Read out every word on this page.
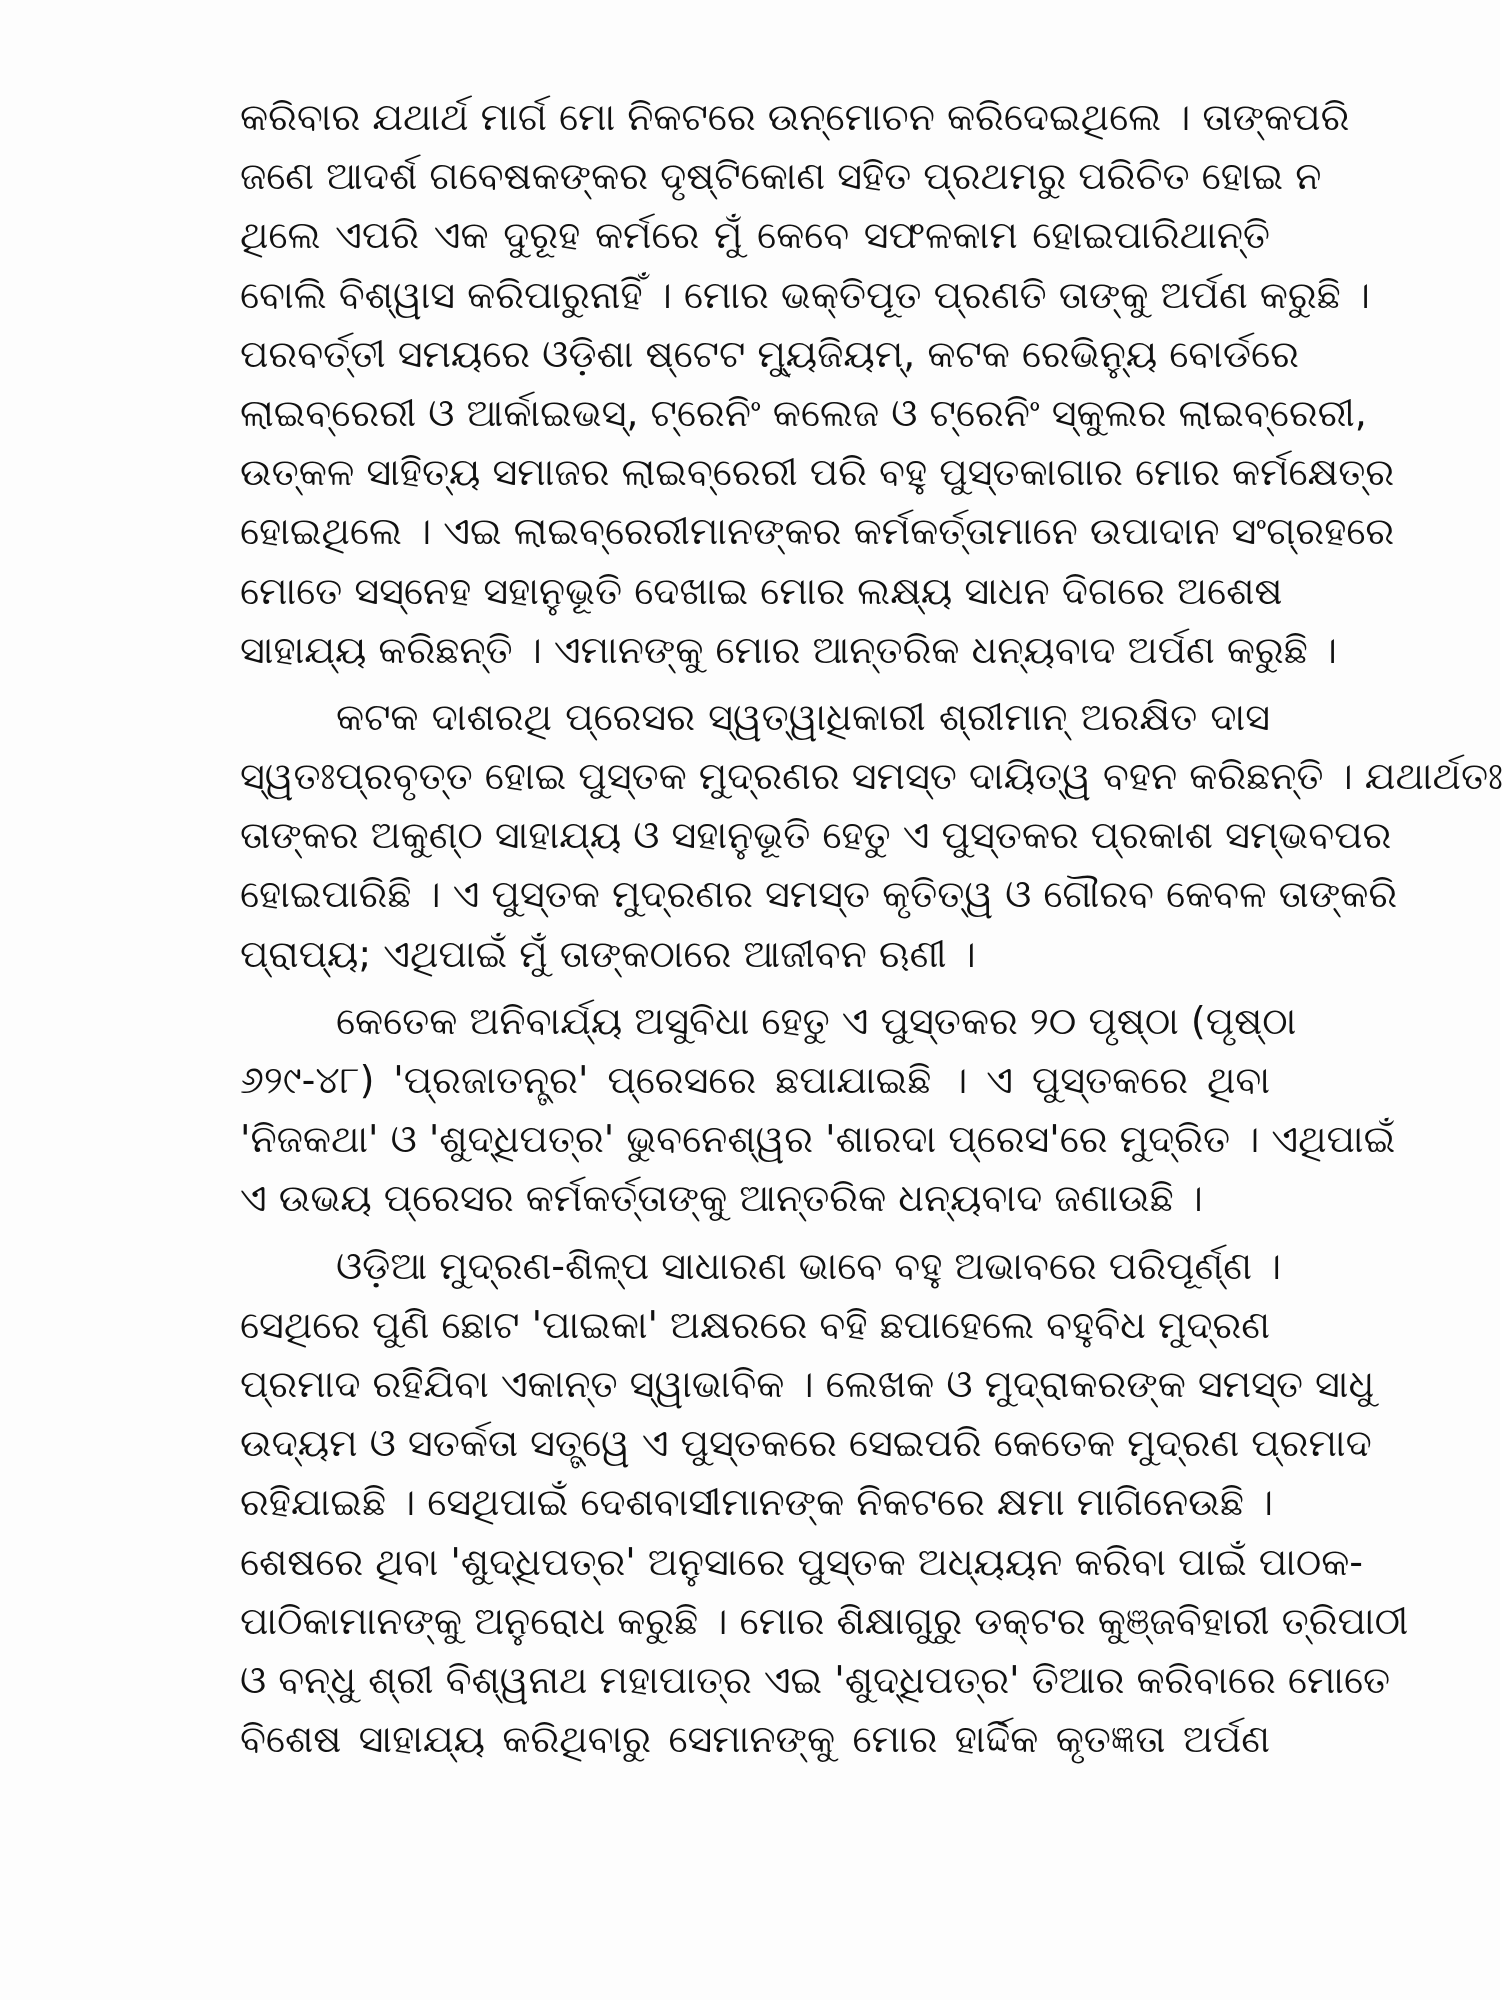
କରିବାର ଯଥାର୍ଥ ମାର୍ଗ ମୋ ନିକଟରେ ଉନ୍ମୋଚନ କରିଦେଇଥିଲେ । ତାଙ୍କପରି
ଜଣେ ଆଦର୍ଶ ଗବେଷକଙ୍କର ଦୃଷ୍ଟିକୋଣ ସହିତ ପ୍ରଥମରୁ ପରିଚିତ ହୋଇ ନ
ଥିଲେ ଏପରି ଏକ ଦୁରୂହ କର୍ମରେ ମୁଁ କେବେ ସଫଳକାମ ହୋଇପାରିଥାନ୍ତି
ବୋଲି ବିଶ୍ୱାସ କରିପାରୁନାହିଁ । ମୋର ଭକ୍ତିପୂତ ପ୍ରଣତି ତାଙ୍କୁ ଅର୍ପଣ କରୁଛି ।
ପରବର୍ତ୍ତୀ ସମୟରେ ଓଡ଼ିଶା ଷ୍ଟେଟ ମ୍ୟୁଜିୟମ୍, କଟକ ରେଭିନ୍ୟୁ ବୋର୍ଡରେ
ଲାଇବ୍ରେରୀ ଓ ଆର୍କାଇଭସ୍, ଟ୍ରେନିଂ କଲେଜ ଓ ଟ୍ରେନିଂ ସ୍କୁଲର ଲାଇବ୍ରେରୀ,
ଉତ୍କଳ ସାହିତ୍ୟ ସମାଜର ଲାଇବ୍ରେରୀ ପରି ବହୁ ପୁସ୍ତକାଗାର ମୋର କର୍ମକ୍ଷେତ୍ର
ହୋଇଥିଲେ । ଏଇ ଲାଇବ୍ରେରୀମାନଙ୍କର କର୍ମକର୍ତ୍ତାମାନେ ଉପାଦାନ ସଂଗ୍ରହରେ
ମୋତେ ସସ୍ନେହ ସହାନୁଭୂତି ଦେଖାଇ ମୋର ଲକ୍ଷ୍ୟ ସାଧନ ଦିଗରେ ଅଶେଷ
ସାହାଯ୍ୟ କରିଛନ୍ତି । ଏମାନଙ୍କୁ ମୋର ଆନ୍ତରିକ ଧନ୍ୟବାଦ ଅର୍ପଣ କରୁଛି ।
କଟକ ଦାଶରଥି ପ୍ରେସର ସ୍ୱତ୍ୱାଧିକାରୀ ଶ୍ରୀମାନ୍ ଅରକ୍ଷିତ ଦାସ
ସ୍ୱତଃପ୍ରବୃତ୍ତ ହୋଇ ପୁସ୍ତକ ମୁଦ୍ରଣର ସମସ୍ତ ଦାୟିତ୍ୱ ବହନ କରିଛନ୍ତି । ଯଥାର୍ଥତଃ
ତାଙ୍କର ଅକୁଣ୍ଠ ସାହାଯ୍ୟ ଓ ସହାନୁଭୂତି ହେତୁ ଏ ପୁସ୍ତକର ପ୍ରକାଶ ସମ୍ଭବପର
ହୋଇପାରିଛି । ଏ ପୁସ୍ତକ ମୁଦ୍ରଣର ସମସ୍ତ କୃତିତ୍ୱ ଓ ଗୌରବ କେବଳ ତାଙ୍କରି
ପ୍ରାପ୍ୟ; ଏଥିପାଇଁ ମୁଁ ତାଙ୍କଠାରେ ଆଜୀବନ ଋଣୀ ।
କେତେକ ଅନିବାର୍ଯ୍ୟ ଅସୁବିଧା ହେତୁ ଏ ପୁସ୍ତକର ୨୦ ପୃଷ୍ଠା (ପୃଷ୍ଠା
୬୨୯-୪୮) 'ପ୍ରଜାତନ୍ତ୍ର' ପ୍ରେସରେ ଛପାଯାଇଛି । ଏ ପୁସ୍ତକରେ ଥିବା
'ନିଜକଥା' ଓ 'ଶୁଦ୍ଧିପତ୍ର' ଭୁବନେଶ୍ୱର 'ଶାରଦା ପ୍ରେସ'ରେ ମୁଦ୍ରିତ । ଏଥିପାଇଁ
ଏ ଉଭୟ ପ୍ରେସର କର୍ମକର୍ତ୍ତାଙ୍କୁ ଆନ୍ତରିକ ଧନ୍ୟବାଦ ଜଣାଉଛି ।
ଓଡ଼ିଆ ମୁଦ୍ରଣ-ଶିଳ୍ପ ସାଧାରଣ ଭାବେ ବହୁ ଅଭାବରେ ପରିପୂର୍ଣ୍ଣ ।
ସେଥିରେ ପୁଣି ଛୋଟ 'ପାଇକା' ଅକ୍ଷରରେ ବହି ଛପାହେଲେ ବହୁବିଧ ମୁଦ୍ରଣ
ପ୍ରମାଦ ରହିଯିବା ଏକାନ୍ତ ସ୍ୱାଭାବିକ । ଲେଖକ ଓ ମୁଦ୍ରାକରଙ୍କ ସମସ୍ତ ସାଧୁ
ଉଦ୍ୟମ ଓ ସତର୍କତା ସତ୍ତ୍ୱେ ଏ ପୁସ୍ତକରେ ସେଇପରି କେତେକ ମୁଦ୍ରଣ ପ୍ରମାଦ
ରହିଯାଇଛି । ସେଥିପାଇଁ ଦେଶବାସୀମାନଙ୍କ ନିକଟରେ କ୍ଷମା ମାଗିନେଉଛି ।
ଶେଷରେ ଥିବା 'ଶୁଦ୍ଧିପତ୍ର' ଅନୁସାରେ ପୁସ୍ତକ ଅଧ୍ୟୟନ କରିବା ପାଇଁ ପାଠକ-
ପାଠିକାମାନଙ୍କୁ ଅନୁରୋଧ କରୁଛି । ମୋର ଶିକ୍ଷାଗୁରୁ ଡକ୍ଟର କୁଞ୍ଜବିହାରୀ ତ୍ରିପାଠୀ
ଓ ବନ୍ଧୁ ଶ୍ରୀ ବିଶ୍ୱନାଥ ମହାପାତ୍ର ଏଇ 'ଶୁଦ୍ଧିପତ୍ର' ତିଆର କରିବାରେ ମୋତେ
ବିଶେଷ ସାହାଯ୍ୟ କରିଥିବାରୁ ସେମାନଙ୍କୁ ମୋର ହାର୍ଦ୍ଦିକ କୃତଜ୍ଞତା ଅର୍ପଣ
